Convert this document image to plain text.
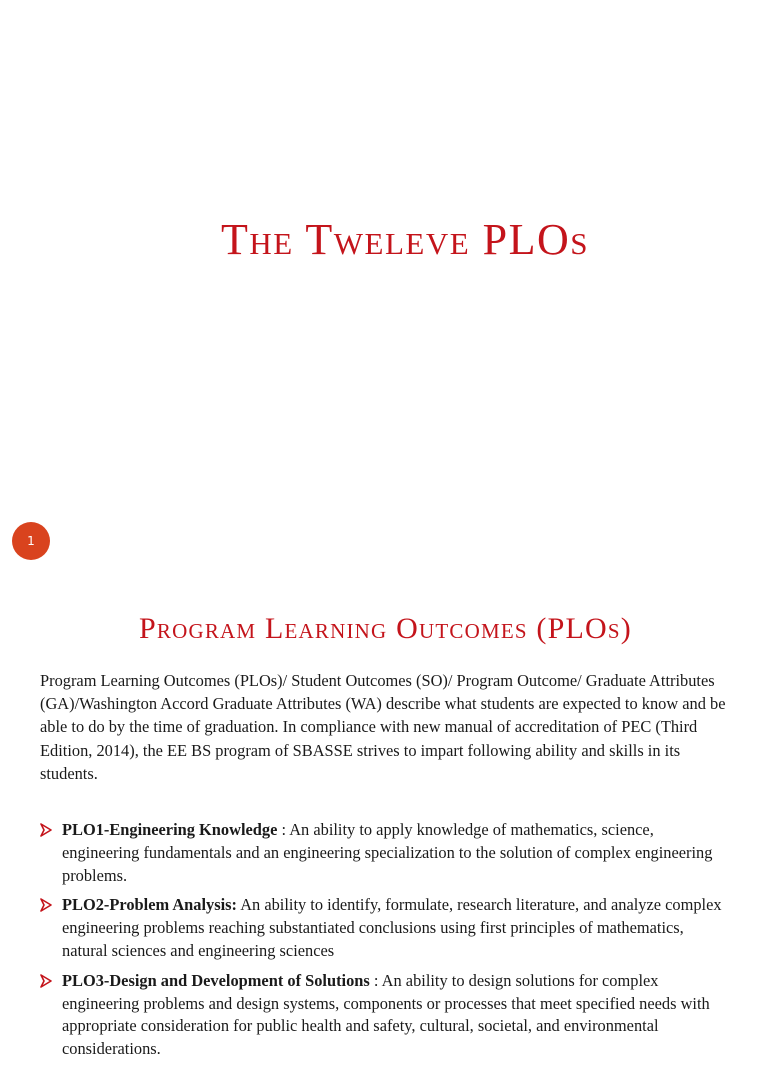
The Tweleve PLOs
1
Program Learning Outcomes (PLOs)

Program Learning Outcomes (PLOs)/ Student Outcomes (SO)/ Program Outcome/ Graduate Attributes (GA)/Washington Accord Graduate Attributes (WA) describe what students are expected to know and be able to do by the time of graduation. In compliance with new manual of accreditation of PEC (Third Edition, 2014), the EE BS program of SBASSE strives to impart following ability and skills in its students.

PLO1-Engineering Knowledge : An ability to apply knowledge of mathematics, science, engineering fundamentals and an engineering specialization to the solution of complex engineering problems.
PLO2-Problem Analysis: An ability to identify, formulate, research literature, and analyze complex engineering problems reaching substantiated conclusions using first principles of mathematics, natural sciences and engineering sciences
PLO3-Design and Development of Solutions : An ability to design solutions for complex engineering problems and design systems, components or processes that meet specified needs with appropriate consideration for public health and safety, cultural, societal, and environmental considerations.
